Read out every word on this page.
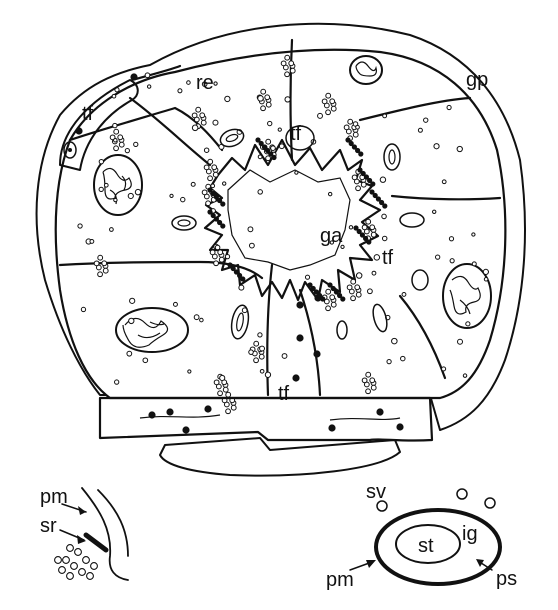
re	gp
tf
tf
ga
tf
tf
pm
sr
sv
st
ig
pm	ps
